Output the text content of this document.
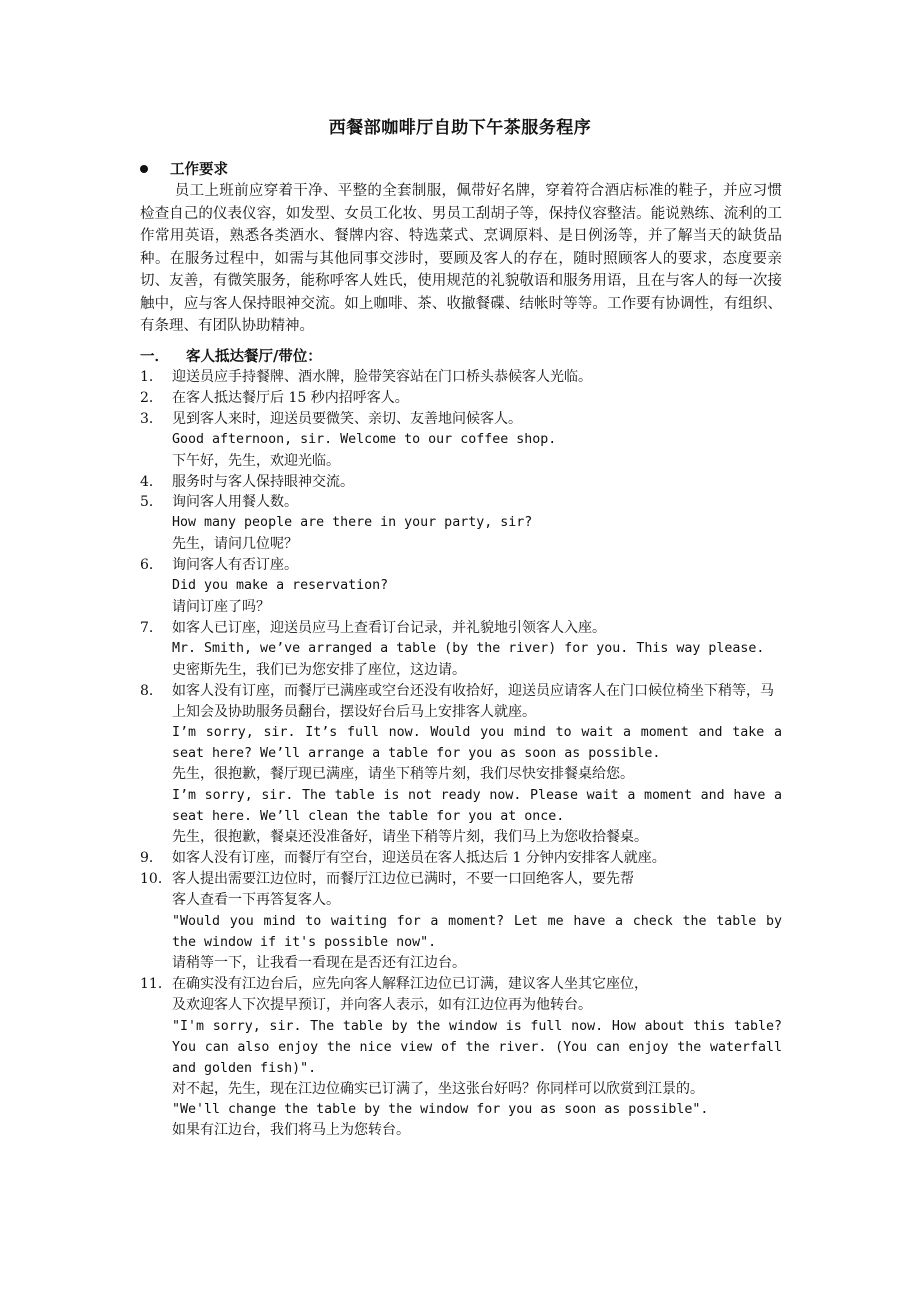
西餐部咖啡厅自助下午茶服务程序
工作要求

员工上班前应穿着干净、平整的全套制服，佩带好名牌，穿着符合酒店标准的鞋子，并应习惯检查自己的仪表仪容，如发型、女员工化妆、男员工刮胡子等，保持仪容整洁。能说熟练、流利的工作常用英语，熟悉各类酒水、餐牌内容、特选菜式、烹调原料、是日例汤等，并了解当天的缺货品种。在服务过程中，如需与其他同事交涉时，要顾及客人的存在，随时照顾客人的要求，态度要亲切、友善，有微笑服务，能称呼客人姓氏，使用规范的礼貌敬语和服务用语，且在与客人的每一次接触中，应与客人保持眼神交流。如上咖啡、茶、收撤餐碟、结帐时等等。工作要有协调性，有组织、有条理、有团队协助精神。

一． 客人抵达餐厅/带位：
1． 迎送员应手持餐牌、酒水牌，脸带笑容站在门口桥头恭候客人光临。
2． 在客人抵达餐厅后 15 秒内招呼客人。
3． 见到客人来时，迎送员要微笑、亲切、友善地问候客人。
Good afternoon, sir. Welcome to our coffee shop.
下午好，先生，欢迎光临。
4． 服务时与客人保持眼神交流。
5． 询问客人用餐人数。
How many people are there in your party, sir?
先生，请问几位呢？
6． 询问客人有否订座。
Did you make a reservation?
请问订座了吗？
7． 如客人已订座，迎送员应马上查看订台记录，并礼貌地引领客人入座。
Mr. Smith, we’ve arranged a table (by the river) for you. This way please.
史密斯先生，我们已为您安排了座位，这边请。
8． 如客人没有订座，而餐厅已满座或空台还没有收拾好，迎送员应请客人在门口候位椅坐下稍等，马上知会及协助服务员翻台，摆设好台后马上安排客人就座。
I’m sorry, sir. It’s full now. Would you mind to wait a moment and take a seat here? We’ll arrange a table for you as soon as possible.
先生，很抱歉，餐厅现已满座，请坐下稍等片刻，我们尽快安排餐桌给您。
I’m sorry, sir. The table is not ready now. Please wait a moment and have a seat here. We’ll clean the table for you at once.
先生，很抱歉，餐桌还没准备好，请坐下稍等片刻，我们马上为您收拾餐桌。
9． 如客人没有订座，而餐厅有空台，迎送员在客人抵达后 1 分钟内安排客人就座。
10． 客人提出需要江边位时，而餐厅江边位已满时，不要一口回绝客人，要先帮
客人查看一下再答复客人。
"Would you mind to waiting for a moment? Let me have a check the table by the window if it's possible now".
请稍等一下，让我看一看现在是否还有江边台。
11． 在确实没有江边台后，应先向客人解释江边位已订满，建议客人坐其它座位，
及欢迎客人下次提早预订，并向客人表示，如有江边位再为他转台。
"I'm sorry, sir. The table by the window is full now. How about this table? You can also enjoy the nice view of the river. (You can enjoy the waterfall and golden fish)".
对不起，先生，现在江边位确实已订满了，坐这张台好吗？你同样可以欣赏到江景的。
"We'll change the table by the window for you as soon as possible".
如果有江边台，我们将马上为您转台。
